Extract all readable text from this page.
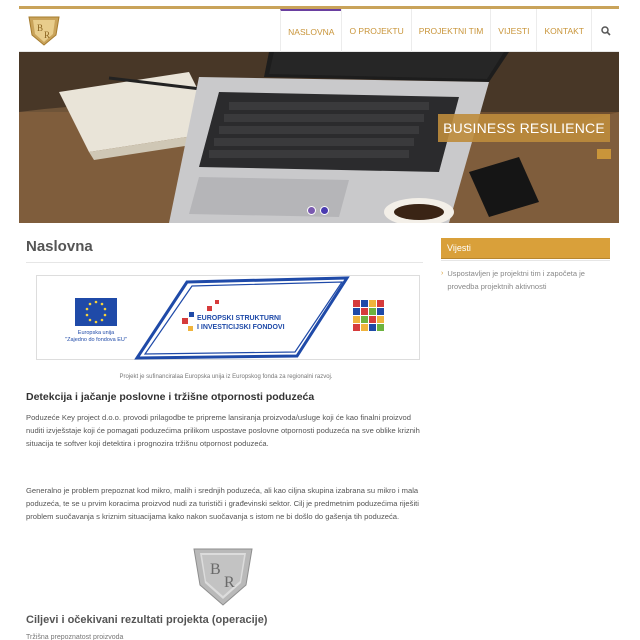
B
R	NASLOVNA	O PROJEKTU	PROJEKTNI TIM	VIJESTI	KONTAKT
BUSINESS RESILIENCE
Naslovna
Europska unija
"Zajedno do fondova EU"
EUROPSKI STRUKTURNI
I INVESTICIJSKI FONDOVI
Projekt je sufinanciralaa Europska unija iz Europskog fonda za regionalni razvoj.
Detekcija i jačanje poslovne i tržišne otpornosti poduzeća

Poduzeće Key project d.o.o. provodi prilagodbe te pripreme lansiranja proizvoda/usluge koji će kao finalni proizvod nuditi izvješstaje koji će pomagati poduzećima prilikom uspostave poslovne otpornosti poduzeća na sve oblike kriznih situacija te softver koji detektira i prognozira tržišnu otpornost poduzeća.

Generalno je problem prepoznat kod mikro, malih i srednjih poduzeća, ali kao ciljna skupina izabrana su mikro i mala poduzeća, te se u prvim koracima proizvod nudi za turističi i građevinski sektor. Cilj je predmetnim poduzećima riješiti problem suočavanja s kriznim situacijama kako nakon suočavanja s istom ne bi došlo do gašenja tih poduzeća.

B
R
Ciljevi i očekivani rezultati projekta (operacije)
Tržišna prepoznatost proizvoda
Vijesti
› Uspostavljen je projektni tim i započeta je provedba projektnih aktivnosti
